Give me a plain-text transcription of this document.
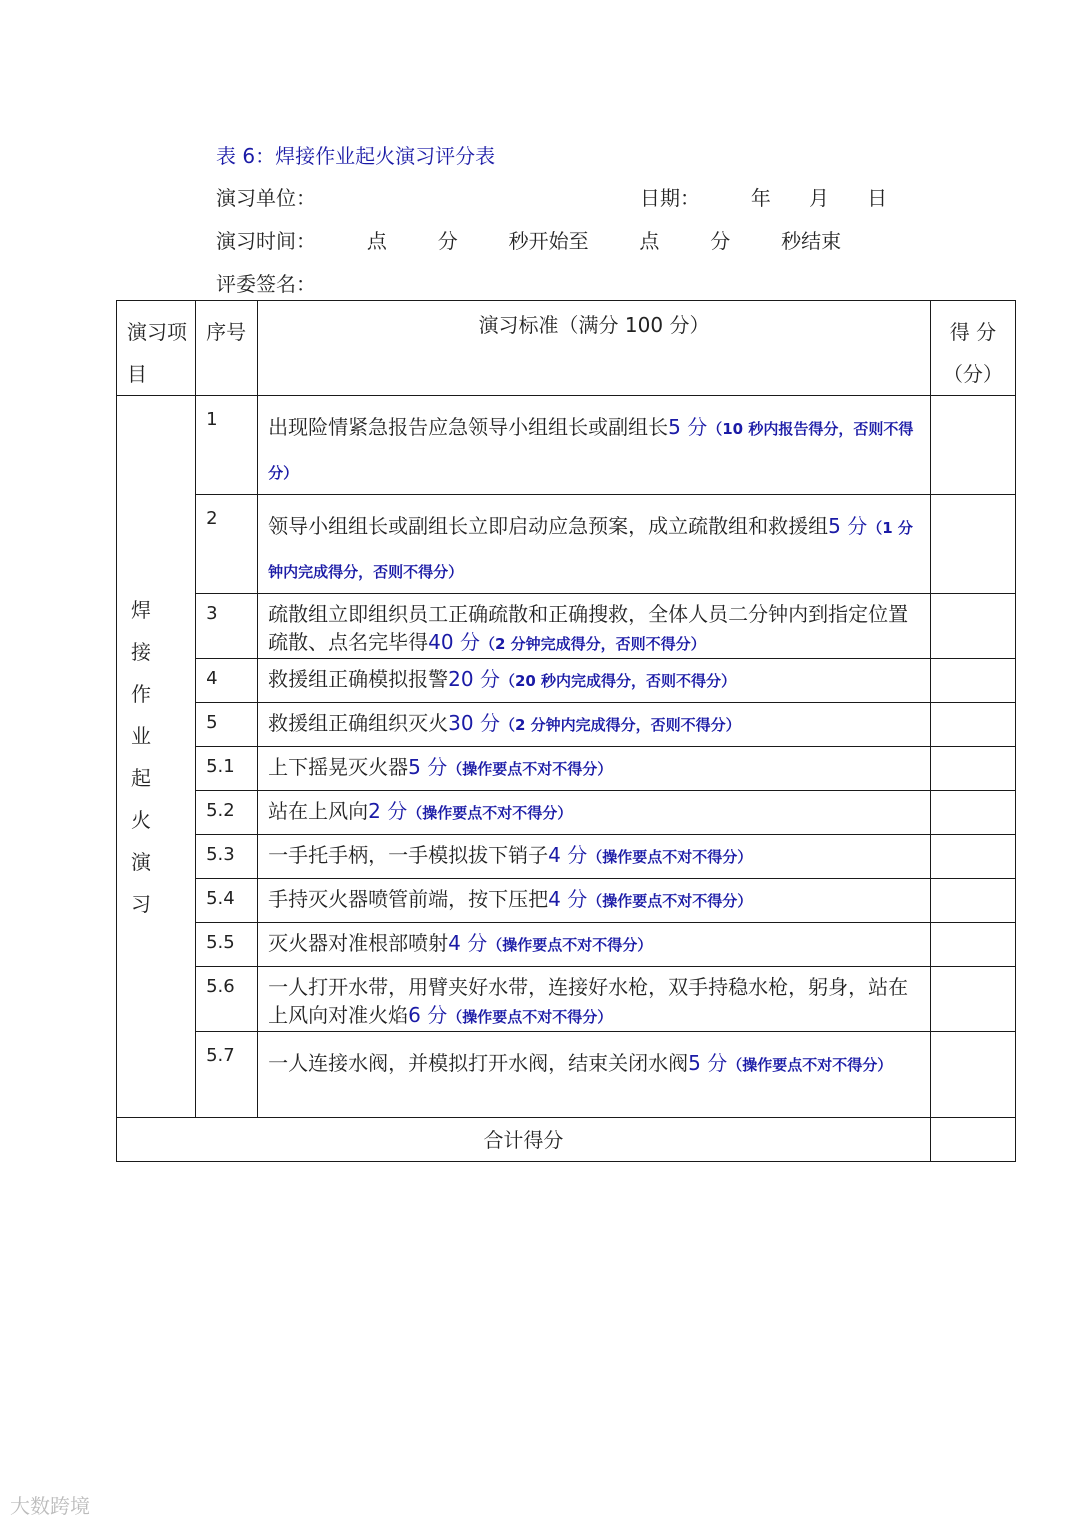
表 6：焊接作业起火演习评分表
演习单位：	日期：        年      月      日
演习时间：        点        分        秒开始至        点        分        秒结束
评委签名：
演习项目	序号	演习标准（满分 100 分）	得 分（分）
焊接作业起火演习	1	出现险情紧急报告应急领导小组组长或副组长5 分（10 秒内报告得分，否则不得分）	
	2	领导小组组长或副组长立即启动应急预案，成立疏散组和救援组5 分（1 分钟内完成得分，否则不得分）	
	3	疏散组立即组织员工正确疏散和正确搜救，全体人员二分钟内到指定位置疏散、点名完毕得40 分（2 分钟完成得分，否则不得分）	
	4	救援组正确模拟报警20 分（20 秒内完成得分，否则不得分）	
	5	救援组正确组织灭火30 分（2 分钟内完成得分，否则不得分）	
	5.1	上下摇晃灭火器5 分（操作要点不对不得分）	
	5.2	站在上风向2 分（操作要点不对不得分）	
	5.3	一手托手柄，一手模拟拔下销子4 分（操作要点不对不得分）	
	5.4	手持灭火器喷管前端，按下压把4 分（操作要点不对不得分）	
	5.5	灭火器对准根部喷射4 分（操作要点不对不得分）	
	5.6	一人打开水带，用臂夹好水带，连接好水枪，双手持稳水枪，躬身，站在上风向对准火焰6 分（操作要点不对不得分）	
	5.7	一人连接水阀，并模拟打开水阀，结束关闭水阀5 分（操作要点不对不得分）	
合计得分			
大数跨境
